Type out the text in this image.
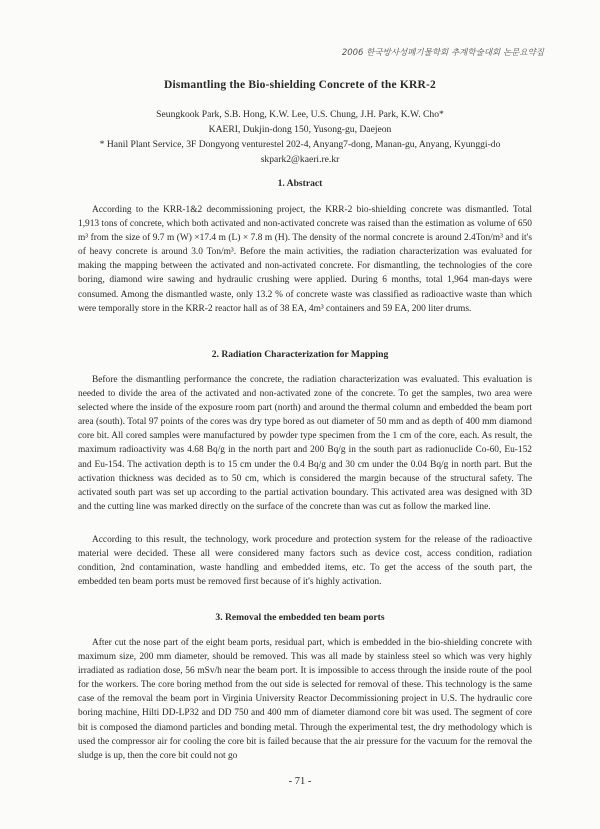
2006 한국방사성폐기물학회 추계학술대회 논문요약집
Dismantling the Bio-shielding Concrete of the KRR-2
Seungkook Park, S.B. Hong, K.W. Lee, U.S. Chung, J.H. Park, K.W. Cho*
KAERI, Dukjin-dong 150, Yusong-gu, Daejeon
* Hanil Plant Service, 3F Dongyong venturestel 202-4, Anyang7-dong, Manan-gu, Anyang, Kyunggi-do
skpark2@kaeri.re.kr
1. Abstract

According to the KRR-1&2 decommissioning project, the KRR-2 bio-shielding concrete was dismantled. Total 1,913 tons of concrete, which both activated and non-activated concrete was raised than the estimation as volume of 650 m³ from the size of 9.7 m (W) ×17.4 m (L) × 7.8 m (H). The density of the normal concrete is around 2.4Ton/m³ and it's of heavy concrete is around 3.0 Ton/m³. Before the main activities, the radiation characterization was evaluated for making the mapping between the activated and non-activated concrete. For dismantling, the technologies of the core boring, diamond wire sawing and hydraulic crushing were applied. During 6 months, total 1,964 man-days were consumed. Among the dismantled waste, only 13.2 % of concrete waste was classified as radioactive waste than which were temporally store in the KRR-2 reactor hall as of 38 EA, 4m³ containers and 59 EA, 200 liter drums.

2. Radiation Characterization for Mapping

Before the dismantling performance the concrete, the radiation characterization was evaluated. This evaluation is needed to divide the area of the activated and non-activated zone of the concrete. To get the samples, two area were selected where the inside of the exposure room part (north) and around the thermal column and embedded the beam port area (south). Total 97 points of the cores was dry type bored as out diameter of 50 mm and as depth of 400 mm diamond core bit. All cored samples were manufactured by powder type specimen from the 1 cm of the core, each. As result, the maximum radioactivity was 4.68 Bq/g in the north part and 200 Bq/g in the south part as radionuclide Co-60, Eu-152 and Eu-154. The activation depth is to 15 cm under the 0.4 Bq/g and 30 cm under the 0.04 Bq/g in north part. But the activation thickness was decided as to 50 cm, which is considered the margin because of the structural safety. The activated south part was set up according to the partial activation boundary. This activated area was designed with 3D and the cutting line was marked directly on the surface of the concrete than was cut as follow the marked line.

According to this result, the technology, work procedure and protection system for the release of the radioactive material were decided. These all were considered many factors such as device cost, access condition, radiation condition, 2nd contamination, waste handling and embedded items, etc. To get the access of the south part, the embedded ten beam ports must be removed first because of it's highly activation.

3. Removal the embedded ten beam ports

After cut the nose part of the eight beam ports, residual part, which is embedded in the bio-shielding concrete with maximum size, 200 mm diameter, should be removed. This was all made by stainless steel so which was very highly irradiated as radiation dose, 56 mSv/h near the beam port. It is impossible to access through the inside route of the pool for the workers. The core boring method from the out side is selected for removal of these. This technology is the same case of the removal the beam port in Virginia University Reactor Decommissioning project in U.S. The hydraulic core boring machine, Hilti DD-LP32 and DD 750 and 400 mm of diameter diamond core bit was used. The segment of core bit is composed the diamond particles and bonding metal. Through the experimental test, the dry methodology which is used the compressor air for cooling the core bit is failed because that the air pressure for the vacuum for the removal the sludge is up, then the core bit could not go

- 71 -
